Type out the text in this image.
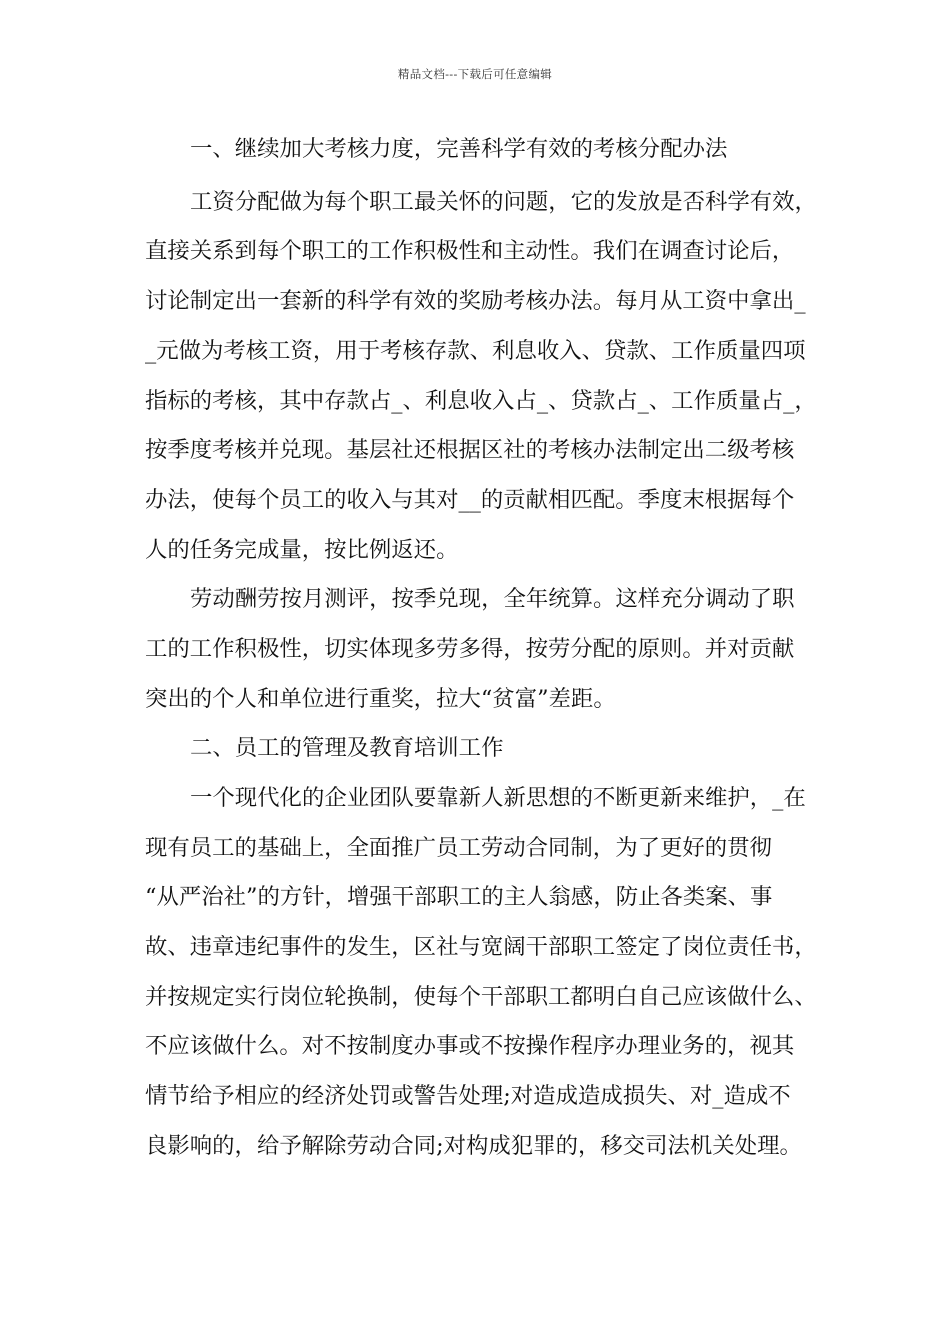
精品文档---下载后可任意编辑
一、继续加大考核力度，完善科学有效的考核分配办法
工资分配做为每个职工最关怀的问题，它的发放是否科学有效，
直接关系到每个职工的工作积极性和主动性。我们在调查讨论后，
讨论制定出一套新的科学有效的奖励考核办法。每月从工资中拿出_
_元做为考核工资，用于考核存款、利息收入、贷款、工作质量四项
指标的考核，其中存款占_、利息收入占_、贷款占_、工作质量占_，
按季度考核并兑现。基层社还根据区社的考核办法制定出二级考核
办法，使每个员工的收入与其对__的贡献相匹配。季度末根据每个
人的任务完成量，按比例返还。
劳动酬劳按月测评，按季兑现，全年统算。这样充分调动了职
工的工作积极性，切实体现多劳多得，按劳分配的原则。并对贡献
突出的个人和单位进行重奖，拉大“贫富”差距。
二、员工的管理及教育培训工作
一个现代化的企业团队要靠新人新思想的不断更新来维护，_在
现有员工的基础上，全面推广员工劳动合同制，为了更好的贯彻
“从严治社”的方针，增强干部职工的主人翁感，防止各类案、事
故、违章违纪事件的发生，区社与宽阔干部职工签定了岗位责任书，
并按规定实行岗位轮换制，使每个干部职工都明白自己应该做什么、
不应该做什么。对不按制度办事或不按操作程序办理业务的，视其
情节给予相应的经济处罚或警告处理;对造成造成损失、对_造成不
良影响的，给予解除劳动合同;对构成犯罪的，移交司法机关处理。
